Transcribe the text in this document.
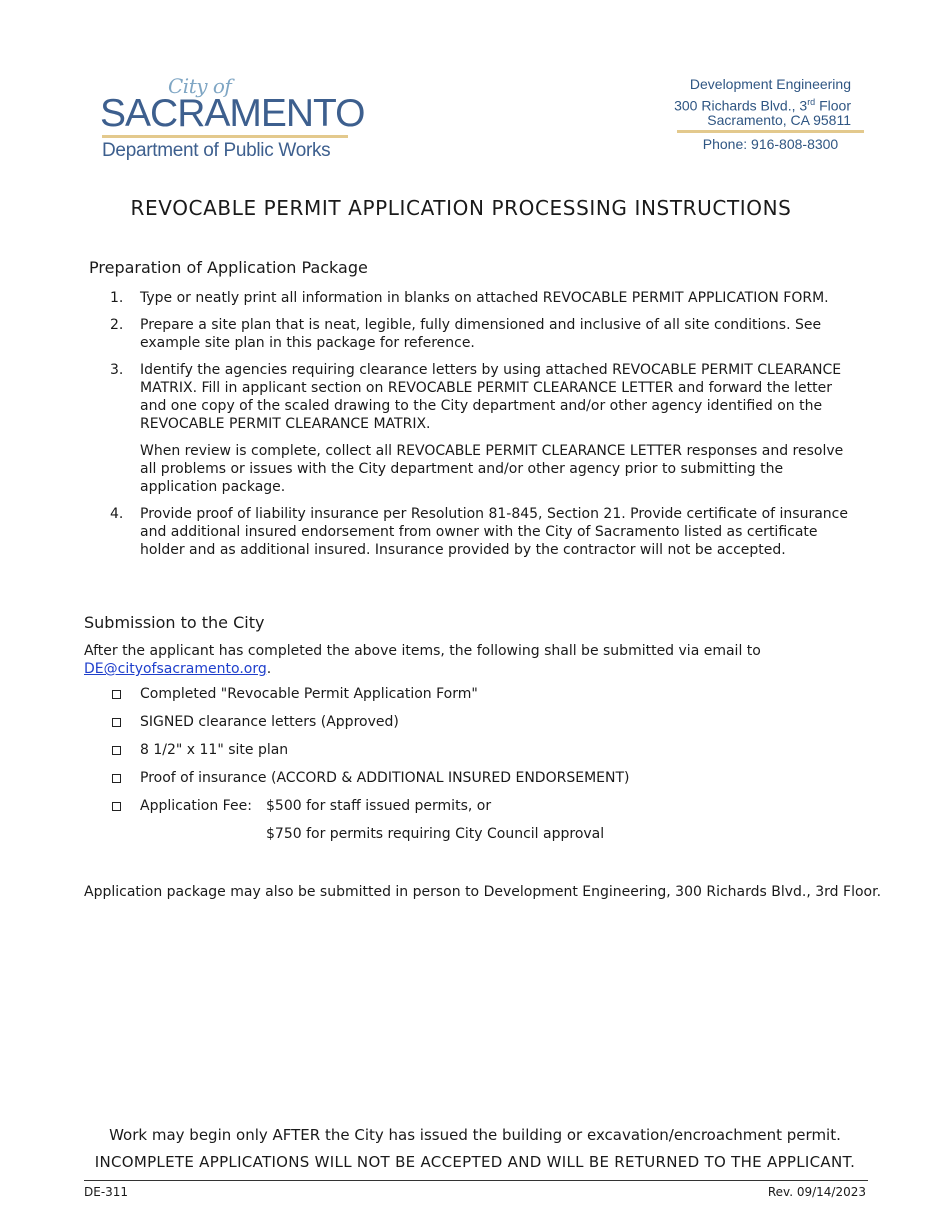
City of
SACRAMENTO
Department of Public Works
Development Engineering
300 Richards Blvd., 3rd Floor
Sacramento, CA 95811
Phone: 916-808-8300
REVOCABLE PERMIT APPLICATION PROCESSING INSTRUCTIONS
Preparation of Application Package
1. Type or neatly print all information in blanks on attached REVOCABLE PERMIT APPLICATION FORM.
2. Prepare a site plan that is neat, legible, fully dimensioned and inclusive of all site conditions. See example site plan in this package for reference.
3. Identify the agencies requiring clearance letters by using attached REVOCABLE PERMIT CLEARANCE MATRIX. Fill in applicant section on REVOCABLE PERMIT CLEARANCE LETTER and forward the letter and one copy of the scaled drawing to the City department and/or other agency identified on the REVOCABLE PERMIT CLEARANCE MATRIX.
When review is complete, collect all REVOCABLE PERMIT CLEARANCE LETTER responses and resolve all problems or issues with the City department and/or other agency prior to submitting the application package.
4. Provide proof of liability insurance per Resolution 81-845, Section 21. Provide certificate of insurance and additional insured endorsement from owner with the City of Sacramento listed as certificate holder and as additional insured. Insurance provided by the contractor will not be accepted.
Submission to the City
After the applicant has completed the above items, the following shall be submitted via email to
DE@cityofsacramento.org.
Completed "Revocable Permit Application Form"
SIGNED clearance letters (Approved)
8 1/2" x 11" site plan
Proof of insurance (ACCORD & ADDITIONAL INSURED ENDORSEMENT)
Application Fee: $500 for staff issued permits, or
$750 for permits requiring City Council approval
Application package may also be submitted in person to Development Engineering, 300 Richards Blvd., 3rd Floor.
Work may begin only AFTER the City has issued the building or excavation/encroachment permit.
INCOMPLETE APPLICATIONS WILL NOT BE ACCEPTED AND WILL BE RETURNED TO THE APPLICANT.
DE-311	Rev. 09/14/2023
